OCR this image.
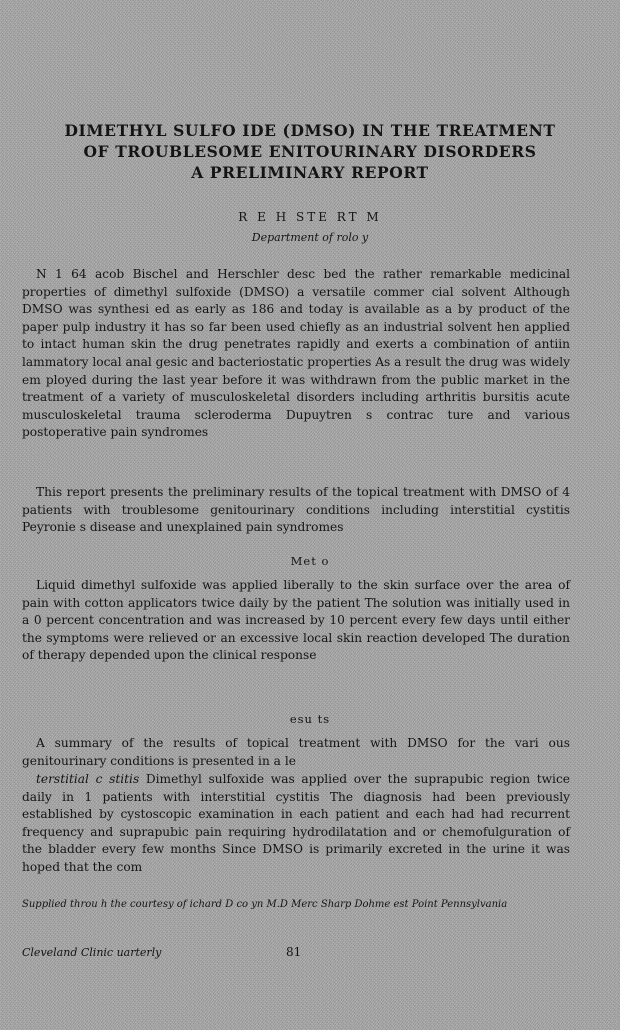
DIMETHYL SULFO IDE (DMSO) IN THE TREATMENT
OF TROUBLESOME ENITOURINARY DISORDERS
A PRELIMINARY REPORT
R E H STE RT M
Department of rolo y

N 1 64 acob Bischel and Herschler desc bed the rather remarkable medicinal properties of dimethyl sulfoxide (DMSO) a versatile commer cial solvent Although DMSO was synthesi ed as early as 186 and today is available as a by product of the paper pulp industry it has so far been used chiefly as an industrial solvent hen applied to intact human skin the drug penetrates rapidly and exerts a combination of antiin lammatory local anal gesic and bacteriostatic properties As a result the drug was widely em ployed during the last year before it was withdrawn from the public market in the treatment of a variety of musculoskeletal disorders including arthritis bursitis acute musculoskeletal trauma scleroderma Dupuytren s contrac ture and various postoperative pain syndromes

This report presents the preliminary results of the topical treatment with DMSO of 4 patients with troublesome genitourinary conditions including interstitial cystitis Peyronie s disease and unexplained pain syndromes

Met o

Liquid dimethyl sulfoxide was applied liberally to the skin surface over the area of pain with cotton applicators twice daily by the patient The solution was initially used in a 0 percent concentration and was increased by 10 percent every few days until either the symptoms were relieved or an excessive local skin reaction developed The duration of therapy depended upon the clinical response

esu ts

A summary of the results of topical treatment with DMSO for the vari ous genitourinary conditions is presented in a le

terstitial c stitis Dimethyl sulfoxide was applied over the suprapubic region twice daily in 1 patients with interstitial cystitis The diagnosis had been previously established by cystoscopic examination in each patient and each had had recurrent frequency and suprapubic pain requiring hydrodilatation and or chemofulguration of the bladder every few months Since DMSO is primarily excreted in the urine it was hoped that the com

Supplied throu h the courtesy of ichard D co yn M.D Merc Sharp Dohme est Point Pennsylvania

Cleveland Clinic uarterly	81
